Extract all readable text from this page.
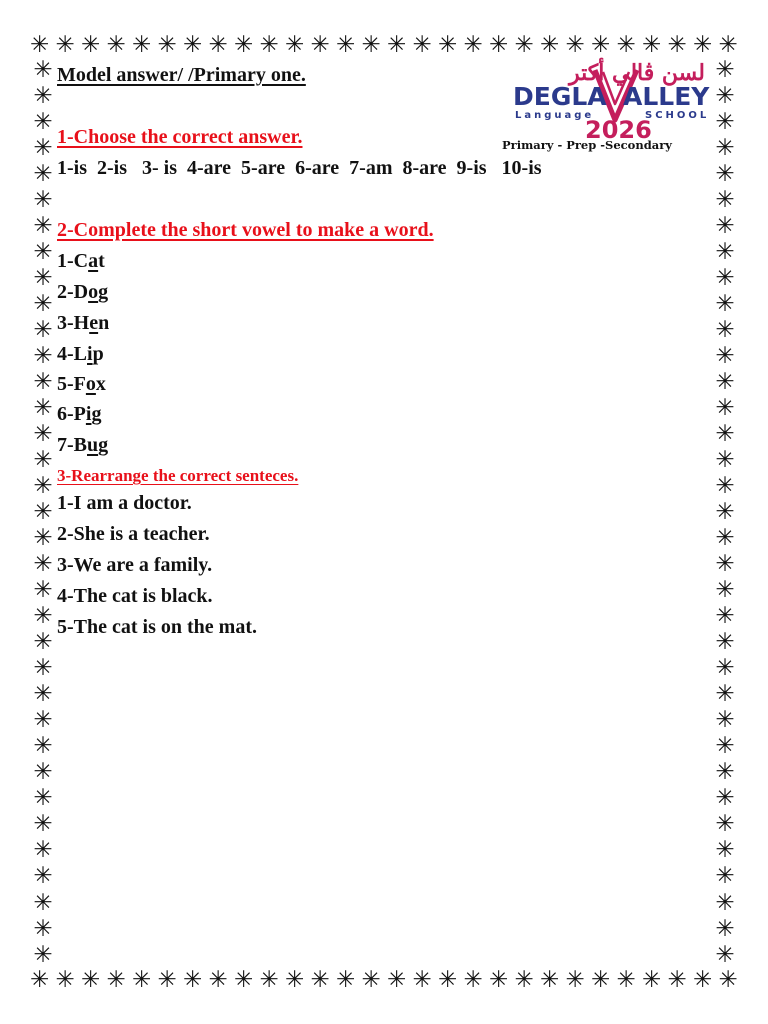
✳ ✳ ✳ ✳ ✳ ✳ ✳ ✳ ✳ ✳ ✳ ✳ ✳ ✳ ✳ ✳ ✳ ✳ ✳ ✳ ✳ ✳ ✳ ✳ ✳ ✳ ✳ ✳
✳ ✳ ✳ ✳ ✳ ✳ ✳ ✳ ✳ ✳ ✳ ✳ ✳ ✳ ✳ ✳ ✳ ✳ ✳ ✳ ✳ ✳ ✳ ✳ ✳ ✳ ✳ ✳
✳
✳
✳
✳
✳
✳
✳
✳
✳
✳
✳
✳
✳
✳
✳
✳
✳
✳
✳
✳
✳
✳
✳
✳
✳
✳
✳
✳
✳
✳
✳
✳
✳
✳
✳
✳
✳
✳
✳
✳
✳
✳
✳
✳
✳
✳
✳
✳
✳
✳
✳
✳
✳
✳
✳
✳
✳
✳
✳
✳
✳
✳
✳
✳
✳
✳
✳
✳
✳
✳
Model answer/ /Primary one.	لسن ڤالي أكتر
DEGLA ALLEY
Language	SCHOOL
2026
Primary - Prep -Secondary
1-Choose the correct answer.
1-is  2-is   3- is  4-are  5-are  6-are  7-am  8-are  9-is   10-is
2-Complete the short vowel to make a word.
1-Cat
2-Dog
3-Hen
4-Lip
5-Fox
6-Pig
7-Bug
3-Rearrange the correct senteces.
1-I am a doctor.
2-She is a teacher.
3-We are a family.
4-The cat is black.
5-The cat is on the mat.
